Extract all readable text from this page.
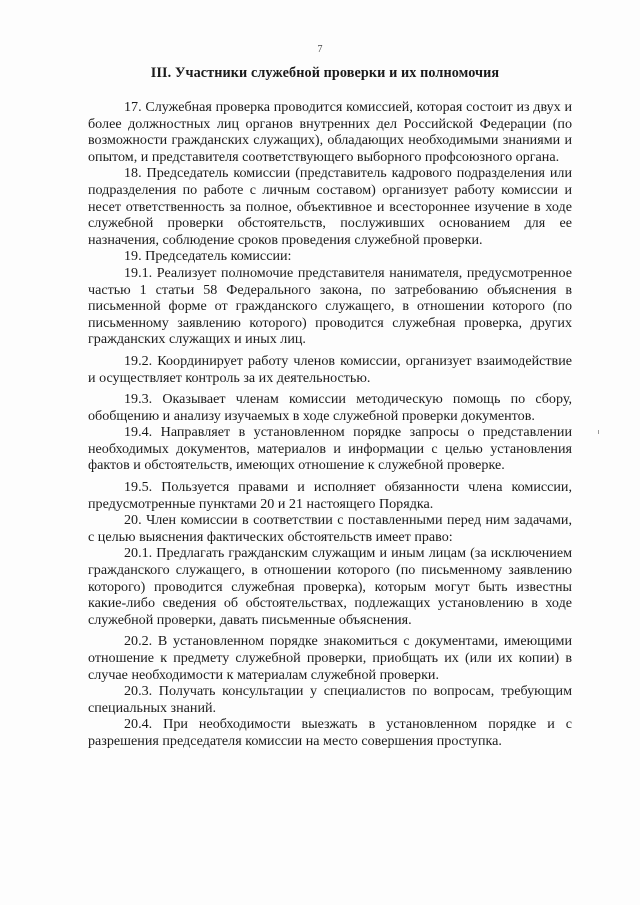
7
III. Участники служебной проверки и их полномочия

17. Служебная проверка проводится комиссией, которая состоит из двух и более должностных лиц органов внутренних дел Российской Федерации (по возможности гражданских служащих), обладающих необходимыми знаниями и опытом, и представителя соответствующего выборного профсоюзного органа.

18. Председатель комиссии (представитель кадрового подразделения или подразделения по работе с личным составом) организует работу комиссии и несет ответственность за полное, объективное и всестороннее изучение в ходе служебной проверки обстоятельств, послуживших основанием для ее назначения, соблюдение сроков проведения служебной проверки.

19. Председатель комиссии:

19.1. Реализует полномочие представителя нанимателя, предусмотренное частью 1 статьи 58 Федерального закона, по затребованию объяснения в письменной форме от гражданского служащего, в отношении которого (по письменному заявлению которого) проводится служебная проверка, других гражданских служащих и иных лиц.

19.2. Координирует работу членов комиссии, организует взаимодействие и осуществляет контроль за их деятельностью.

19.3. Оказывает членам комиссии методическую помощь по сбору, обобщению и анализу изучаемых в ходе служебной проверки документов.

19.4. Направляет в установленном порядке запросы о представлении необходимых документов, материалов и информации с целью установления фактов и обстоятельств, имеющих отношение к служебной проверке.

19.5. Пользуется правами и исполняет обязанности члена комиссии, предусмотренные пунктами 20 и 21 настоящего Порядка.

20. Член комиссии в соответствии с поставленными перед ним задачами, с целью выяснения фактических обстоятельств имеет право:

20.1. Предлагать гражданским служащим и иным лицам (за исключением гражданского служащего, в отношении которого (по письменному заявлению которого) проводится служебная проверка), которым могут быть известны какие-либо сведения об обстоятельствах, подлежащих установлению в ходе служебной проверки, давать письменные объяснения.

20.2. В установленном порядке знакомиться с документами, имеющими отношение к предмету служебной проверки, приобщать их (или их копии) в случае необходимости к материалам служебной проверки.

20.3. Получать консультации у специалистов по вопросам, требующим специальных знаний.

20.4. При необходимости выезжать в установленном порядке и с разрешения председателя комиссии на место совершения проступка.
